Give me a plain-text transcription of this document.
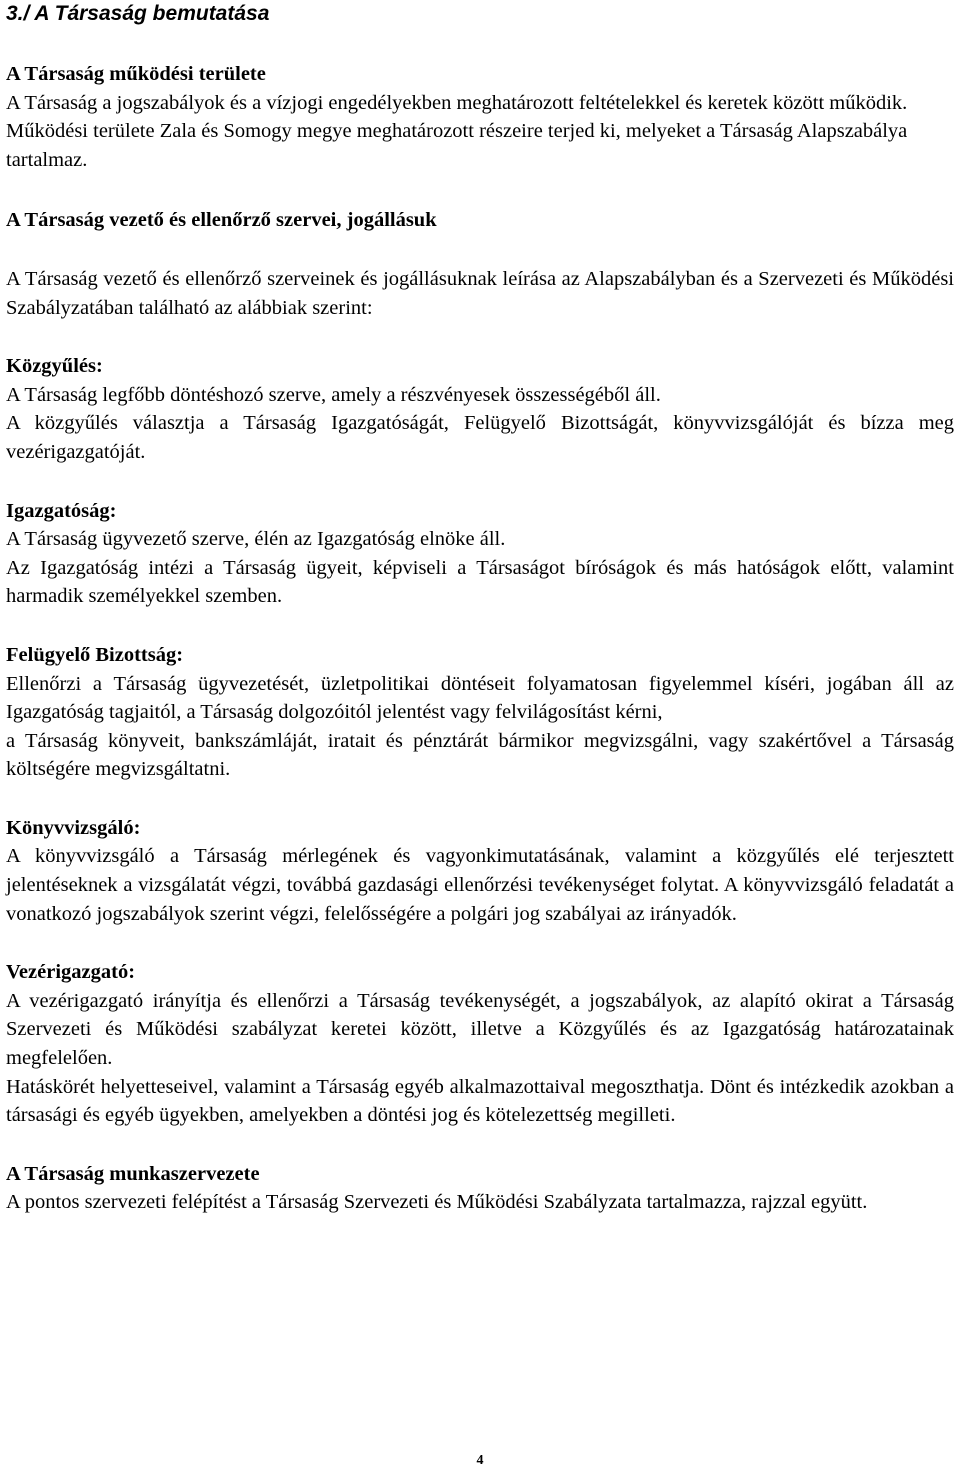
3./ A Társaság bemutatása

A Társaság működési területe

A Társaság a jogszabályok és a vízjogi engedélyekben meghatározott feltételekkel és keretek között működik.

Működési területe Zala és Somogy megye meghatározott részeire terjed ki, melyeket a Társaság Alapszabálya tartalmaz.

A Társaság vezető és ellenőrző szervei, jogállásuk

A Társaság vezető és ellenőrző szerveinek és jogállásuknak leírása az Alapszabályban és a Szervezeti és Működési Szabályzatában található az alábbiak szerint:

Közgyűlés:

A Társaság legfőbb döntéshozó szerve, amely a részvényesek összességéből áll.

A közgyűlés választja a Társaság Igazgatóságát, Felügyelő Bizottságát, könyvvizsgálóját és bízza meg vezérigazgatóját.

Igazgatóság:

A Társaság ügyvezető szerve, élén az Igazgatóság elnöke áll.

Az Igazgatóság intézi a Társaság ügyeit, képviseli a Társaságot bíróságok és más hatóságok előtt, valamint harmadik személyekkel szemben.

Felügyelő Bizottság:

Ellenőrzi a Társaság ügyvezetését, üzletpolitikai döntéseit folyamatosan figyelemmel kíséri, jogában áll az Igazgatóság tagjaitól, a Társaság dolgozóitól jelentést vagy felvilágosítást kérni,

a Társaság könyveit, bankszámláját, iratait és pénztárát bármikor megvizsgálni, vagy szakértővel a Társaság költségére megvizsgáltatni.

Könyvvizsgáló:

A könyvvizsgáló a Társaság mérlegének és vagyonkimutatásának, valamint a közgyűlés elé terjesztett jelentéseknek a vizsgálatát végzi, továbbá gazdasági ellenőrzési tevékenységet folytat. A könyvvizsgáló feladatát a vonatkozó jogszabályok szerint végzi, felelősségére a polgári jog szabályai az irányadók.

Vezérigazgató:

A vezérigazgató irányítja és ellenőrzi a Társaság tevékenységét, a jogszabályok, az alapító okirat a Társaság Szervezeti és Működési szabályzat keretei között, illetve a Közgyűlés és az Igazgatóság határozatainak megfelelően.

Hatáskörét helyetteseivel, valamint a Társaság egyéb alkalmazottaival megoszthatja. Dönt és intézkedik azokban a társasági és egyéb ügyekben, amelyekben a döntési jog és kötelezettség megilleti.

A Társaság munkaszervezete

A pontos szervezeti felépítést a Társaság Szervezeti és Működési Szabályzata tartalmazza, rajzzal együtt.

4
